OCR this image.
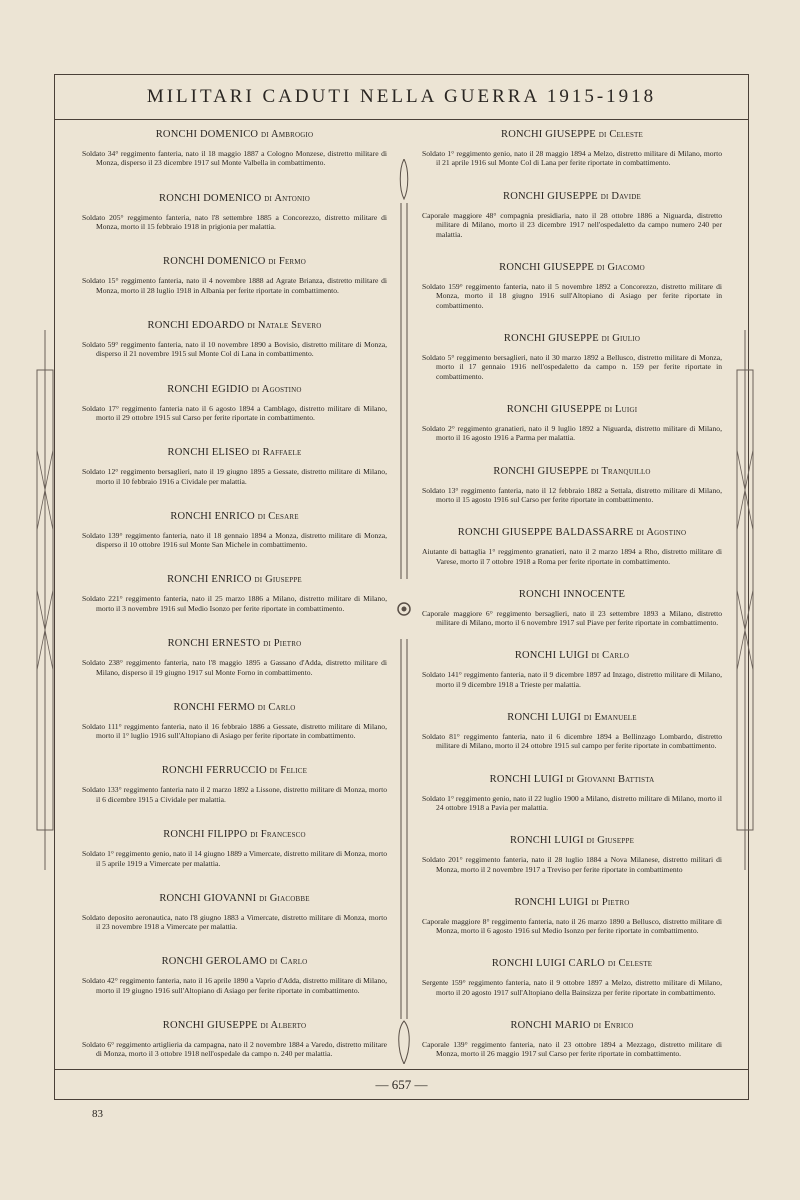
MILITARI CADUTI NELLA GUERRA 1915-1918
RONCHI DOMENICO di Ambrogio
Soldato 34° reggimento fanteria, nato il 18 maggio 1887 a Cologno Monzese, distretto militare di Monza, disperso il 23 dicembre 1917 sul Monte Valbella in combattimento.
RONCHI DOMENICO di Antonio
Soldato 205° reggimento fanteria, nato l'8 settembre 1885 a Concorezzo, distretto militare di Monza, morto il 15 febbraio 1918 in prigionia per malattia.
RONCHI DOMENICO di Fermo
Soldato 15° reggimento fanteria, nato il 4 novembre 1888 ad Agrate Brianza, distretto militare di Monza, morto il 28 luglio 1918 in Albania per ferite riportate in combattimento.
RONCHI EDOARDO di Natale Severo
Soldato 59° reggimento fanteria, nato il 10 novembre 1890 a Bovisio, distretto militare di Monza, disperso il 21 novembre 1915 sul Monte Col di Lana in combattimento.
RONCHI EGIDIO di Agostino
Soldato 17° reggimento fanteria nato il 6 agosto 1894 a Camblago, distretto militare di Milano, morto il 29 ottobre 1915 sul Carso per ferite riportate in combattimento.
RONCHI ELISEO di Raffaele
Soldato 12° reggimento bersaglieri, nato il 19 giugno 1895 a Gessate, distretto militare di Milano, morto il 10 febbraio 1916 a Cividale per malattia.
RONCHI ENRICO di Cesare
Soldato 139° reggimento fanteria, nato il 18 gennaio 1894 a Monza, distretto militare di Monza, disperso il 10 ottobre 1916 sul Monte San Michele in combattimento.
RONCHI ENRICO di Giuseppe
Soldato 221° reggimento fanteria, nato il 25 marzo 1886 a Milano, distretto militare di Milano, morto il 3 novembre 1916 sul Medio Isonzo per ferite riportate in combattimento.
RONCHI ERNESTO di Pietro
Soldato 238° reggimento fanteria, nato l'8 maggio 1895 a Gassano d'Adda, distretto militare di Milano, disperso il 19 giugno 1917 sul Monte Forno in combattimento.
RONCHI FERMO di Carlo
Soldato 111° reggimento fanteria, nato il 16 febbraio 1886 a Gessate, distretto militare di Milano, morto il 1° luglio 1916 sull'Altopiano di Asiago per ferite riportate in combattimento.
RONCHI FERRUCCIO di Felice
Soldato 133° reggimento fanteria nato il 2 marzo 1892 a Lissone, distretto militare di Monza, morto il 6 dicembre 1915 a Cividale per malattia.
RONCHI FILIPPO di Francesco
Soldato 1° reggimento genio, nato il 14 giugno 1889 a Vimercate, distretto militare di Monza, morto il 5 aprile 1919 a Vimercate per malattia.
RONCHI GIOVANNI di Giacobbe
Soldato deposito aeronautica, nato l'8 giugno 1883 a Vimercate, distretto militare di Monza, morto il 23 novembre 1918 a Vimercate per malattia.
RONCHI GEROLAMO di Carlo
Soldato 42° reggimento fanteria, nato il 16 aprile 1890 a Vaprio d'Adda, distretto militare di Milano, morto il 19 giugno 1916 sull'Altopiano di Asiago per ferite riportate in combattimento.
RONCHI GIUSEPPE di Alberto
Soldato 6° reggimento artiglieria da campagna, nato il 2 novembre 1884 a Varedo, distretto militare di Monza, morto il 3 ottobre 1918 nell'ospedale da campo n. 240 per malattia.
RONCHI GIUSEPPE di Celeste
Soldato 1° reggimento genio, nato il 28 maggio 1894 a Melzo, distretto militare di Milano, morto il 21 aprile 1916 sul Monte Col di Lana per ferite riportate in combattimento.
RONCHI GIUSEPPE di Davide
Caporale maggiore 48° compagnia presidiaria, nato il 28 ottobre 1886 a Niguarda, distretto militare di Milano, morto il 23 dicembre 1917 nell'ospedaletto da campo numero 240 per malattia.
RONCHI GIUSEPPE di Giacomo
Soldato 159° reggimento fanteria, nato il 5 novembre 1892 a Concorezzo, distretto militare di Monza, morto il 18 giugno 1916 sull'Altopiano di Asiago per ferite riportate in combattimento.
RONCHI GIUSEPPE di Giulio
Soldato 5° reggimento bersaglieri, nato il 30 marzo 1892 a Bellusco, distretto militare di Monza, morto il 17 gennaio 1916 nell'ospedaletto da campo n. 159 per ferite riportate in combattimento.
RONCHI GIUSEPPE di Luigi
Soldato 2° reggimento granatieri, nato il 9 luglio 1892 a Niguarda, distretto militare di Milano, morto il 16 agosto 1916 a Parma per malattia.
RONCHI GIUSEPPE di Tranquillo
Soldato 13° reggimento fanteria, nato il 12 febbraio 1882 a Settala, distretto militare di Milano, morto il 15 agosto 1916 sul Carso per ferite riportate in combattimento.
RONCHI GIUSEPPE BALDASSARRE di Agostino
Aiutante di battaglia 1° reggimento granatieri, nato il 2 marzo 1894 a Rho, distretto militare di Varese, morto il 7 ottobre 1918 a Roma per ferite riportate in combattimento.
RONCHI INNOCENTE
Caporale maggiore 6° reggimento bersaglieri, nato il 23 settembre 1893 a Milano, distretto militare di Milano, morto il 6 novembre 1917 sul Piave per ferite riportate in combattimento.
RONCHI LUIGI di Carlo
Soldato 141° reggimento fanteria, nato il 9 dicembre 1897 ad Inzago, distretto militare di Milano, morto il 9 dicembre 1918 a Trieste per malattia.
RONCHI LUIGI di Emanuele
Soldato 81° reggimento fanteria, nato il 6 dicembre 1894 a Bellinzago Lombardo, distretto militare di Milano, morto il 24 ottobre 1915 sul campo per ferite riportate in combattimento.
RONCHI LUIGI di Giovanni Battista
Soldato 1° reggimento genio, nato il 22 luglio 1900 a Milano, distretto militare di Milano, morto il 24 ottobre 1918 a Pavia per malattia.
RONCHI LUIGI di Giuseppe
Soldato 201° reggimento fanteria, nato il 28 luglio 1884 a Nova Milanese, distretto militari di Monza, morto il 2 novembre 1917 a Treviso per ferite riportate in combattimento
RONCHI LUIGI di Pietro
Caporale maggiore 8° reggimento fanteria, nato il 26 marzo 1890 a Bellusco, distretto militare di Monza, morto il 6 agosto 1916 sul Medio Isonzo per ferite riportate in combattimento.
RONCHI LUIGI CARLO di Celeste
Sergente 159° reggimento fanteria, nato il 9 ottobre 1897 a Melzo, distretto militare di Milano, morto il 20 agosto 1917 sull'Altopiano della Bainsizza per ferite riportate in combattimento.
RONCHI MARIO di Enrico
Caporale 139° reggimento fanteria, nato il 23 ottobre 1894 a Mezzago, distretto militare di Monza, morto il 26 maggio 1917 sul Carso per ferite riportate in combattimento.
— 657 —
83
